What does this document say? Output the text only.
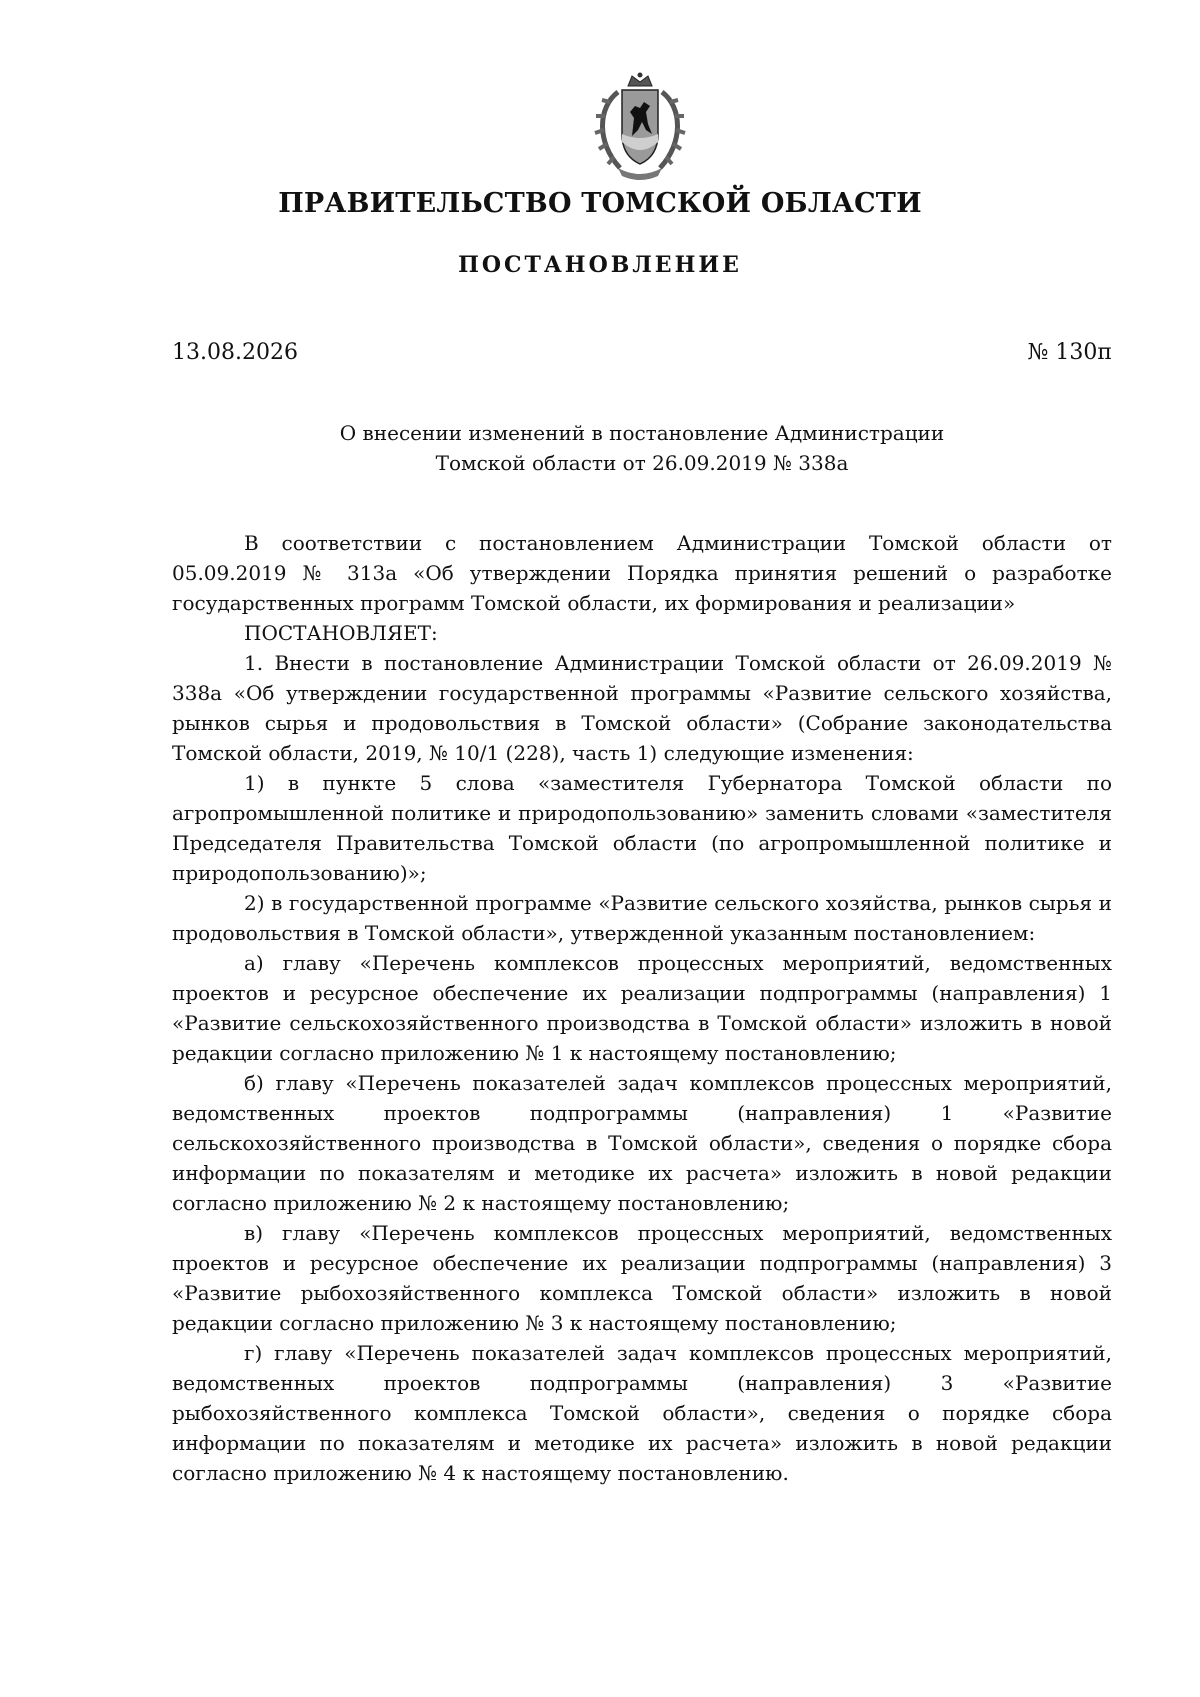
ПРАВИТЕЛЬСТВО ТОМСКОЙ ОБЛАСТИ
ПОСТАНОВЛЕНИЕ
13.08.2026	№ 130п
О внесении изменений в постановление Администрации
Томской области от 26.09.2019 № 338а

В соответствии с постановлением Администрации Томской области от 05.09.2019 № 313а «Об утверждении Порядка принятия решений о разработке государственных программ Томской области, их формирования и реализации»

ПОСТАНОВЛЯЕТ:

1. Внести в постановление Администрации Томской области от 26.09.2019 № 338а «Об утверждении государственной программы «Развитие сельского хозяйства, рынков сырья и продовольствия в Томской области» (Собрание законодательства Томской области, 2019, № 10/1 (228), часть 1) следующие изменения:

1) в пункте 5 слова «заместителя Губернатора Томской области по агропромышленной политике и природопользованию» заменить словами «заместителя Председателя Правительства Томской области (по агропромышленной политике и природопользованию)»;

2) в государственной программе «Развитие сельского хозяйства, рынков сырья и продовольствия в Томской области», утвержденной указанным постановлением:

а) главу «Перечень комплексов процессных мероприятий, ведомственных проектов и ресурсное обеспечение их реализации подпрограммы (направления) 1 «Развитие сельскохозяйственного производства в Томской области» изложить в новой редакции согласно приложению № 1 к настоящему постановлению;

б) главу «Перечень показателей задач комплексов процессных мероприятий, ведомственных проектов подпрограммы (направления) 1 «Развитие сельскохозяйственного производства в Томской области», сведения о порядке сбора информации по показателям и методике их расчета» изложить в новой редакции согласно приложению № 2 к настоящему постановлению;

в) главу «Перечень комплексов процессных мероприятий, ведомственных проектов и ресурсное обеспечение их реализации подпрограммы (направления) 3 «Развитие рыбохозяйственного комплекса Томской области» изложить в новой редакции согласно приложению № 3 к настоящему постановлению;

г) главу «Перечень показателей задач комплексов процессных мероприятий, ведомственных проектов подпрограммы (направления) 3 «Развитие рыбохозяйственного комплекса Томской области», сведения о порядке сбора информации по показателям и методике их расчета» изложить в новой редакции согласно приложению № 4 к настоящему постановлению.
